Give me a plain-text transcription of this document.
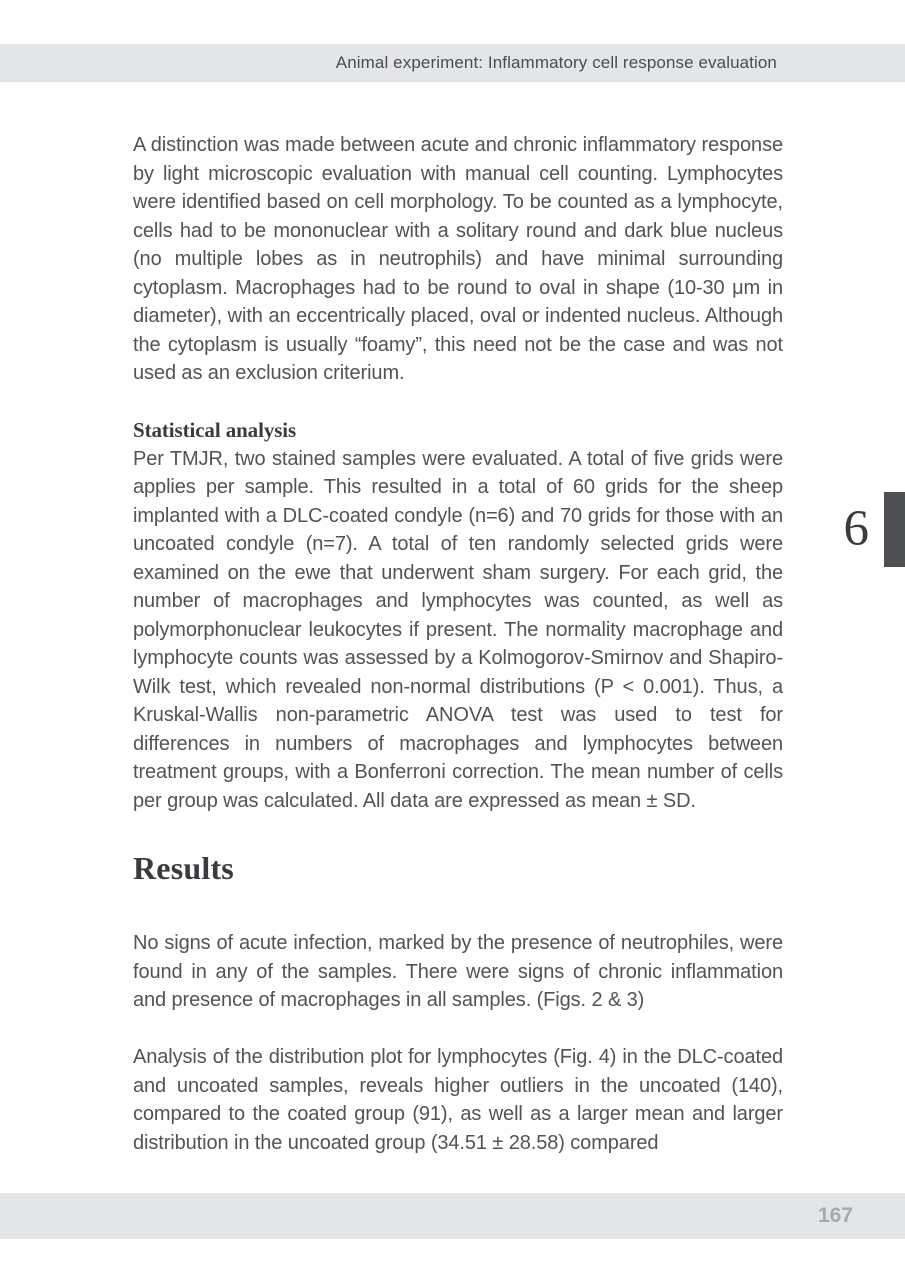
Animal experiment: Inflammatory cell response evaluation

A distinction was made between acute and chronic inflammatory response by light microscopic evaluation with manual cell counting. Lymphocytes were identified based on cell morphology. To be counted as a lymphocyte, cells had to be mononuclear with a solitary round and dark blue nucleus (no multiple lobes as in neutrophils) and have minimal surrounding cytoplasm. Macrophages had to be round to oval in shape (10-30 μm in diameter), with an eccentrically placed, oval or indented nucleus. Although the cytoplasm is usually “foamy”, this need not be the case and was not used as an exclusion criterium.

Statistical analysis

Per TMJR, two stained samples were evaluated. A total of five grids were applies per sample. This resulted in a total of 60 grids for the sheep implanted with a DLC-coated condyle (n=6) and 70 grids for those with an uncoated condyle (n=7). A total of ten randomly selected grids were examined on the ewe that underwent sham surgery. For each grid, the number of macrophages and lymphocytes was counted, as well as polymorphonuclear leukocytes if present. The normality macrophage and lymphocyte counts was assessed by a Kolmogorov-Smirnov and Shapiro-Wilk test, which revealed non-normal distributions (P < 0.001). Thus, a Kruskal-Wallis non-parametric ANOVA test was used to test for differences in numbers of macrophages and lymphocytes between treatment groups, with a Bonferroni correction. The mean number of cells per group was calculated. All data are expressed as mean ± SD.

Results

No signs of acute infection, marked by the presence of neutrophiles, were found in any of the samples. There were signs of chronic inflammation and presence of macrophages in all samples. (Figs. 2 & 3)

Analysis of the distribution plot for lymphocytes (Fig. 4) in the DLC-coated and uncoated samples, reveals higher outliers in the uncoated (140), compared to the coated group (91), as well as a larger mean and larger distribution in the uncoated group (34.51 ± 28.58) compared

6
167
